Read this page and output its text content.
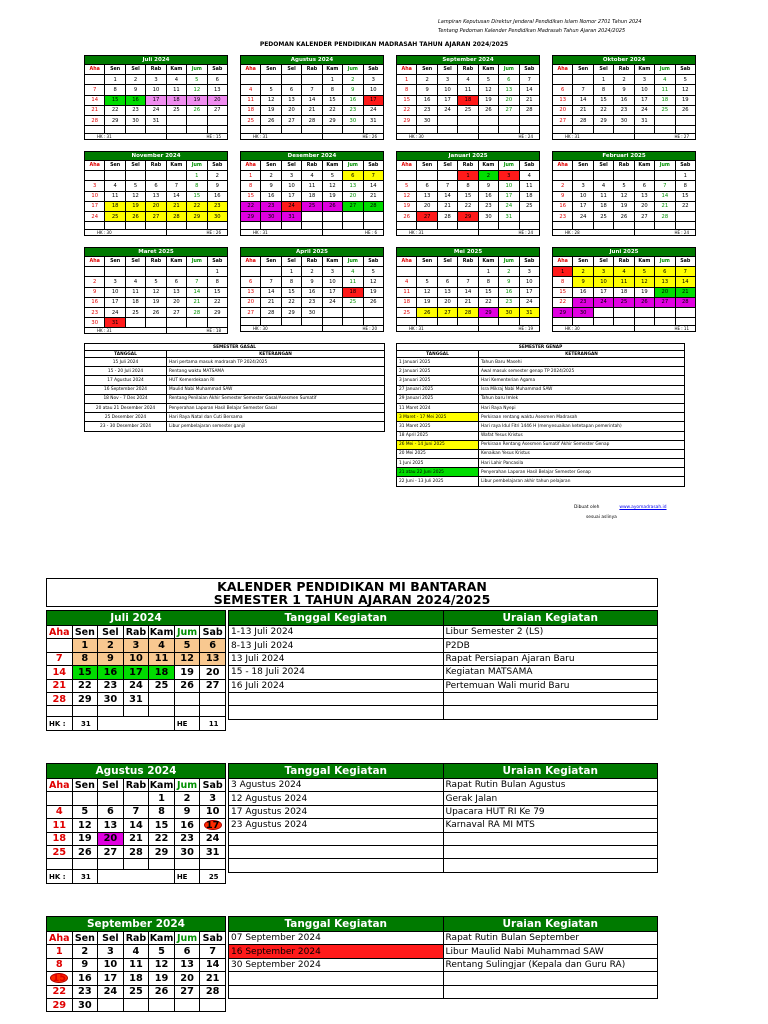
Lampiran Keputusan Direktur Jenderal Pendidikan Islam Nomor 2701 Tahun 2024
Tentang Pedoman Kalender Pendidikan Madrasah Tahun Ajaran 2024/2025
PEDOMAN KALENDER PENDIDIKAN MADRASAH TAHUN AJARAN 2024/2025
Juli 2024						
Aha	Sen	Sel	Rab	Kam	Jum	Sab
	1	2	3	4	5	6
7	8	9	10	11	12	13
14	15	16	17	18	19	20
21	22	23	24	25	26	27
28	29	30	31			

HK : 31				HE : 15		
Agustus 2024						
Aha	Sen	Sel	Rab	Kam	Jum	Sab
				1	2	3
4	5	6	7	8	9	10
11	12	13	14	15	16	17
18	19	20	21	22	23	24
25	26	27	28	29	30	31

HK : 31				HE : 26		
September 2024						
Aha	Sen	Sel	Rab	Kam	Jum	Sab
1	2	3	4	5	6	7
8	9	10	11	12	13	14
15	16	17	18	19	20	21
22	23	24	25	26	27	28
29	30					

HK : 30				HE : 24		
Oktober 2024						
Aha	Sen	Sel	Rab	Kam	Jum	Sab
		1	2	3	4	5
6	7	8	9	10	11	12
13	14	15	16	17	18	19
20	21	22	23	24	25	26
27	28	29	30	31		

HK : 31				HE : 27		
November 2024						
Aha	Sen	Sel	Rab	Kam	Jum	Sab
					1	2
3	4	5	6	7	8	9
10	11	12	13	14	15	16
17	18	19	20	21	22	23
24	25	26	27	28	29	30

HK : 30				HE : 26		
Desember 2024						
Aha	Sen	Sel	Rab	Kam	Jum	Sab
1	2	3	4	5	6	7
8	9	10	11	12	13	14
15	16	17	18	19	20	21
22	23	24	25	26	27	28
29	30	31				

HK : 31				HE : 6		
Januari 2025						
Aha	Sen	Sel	Rab	Kam	Jum	Sab
			1	2	3	4
5	6	7	8	9	10	11
12	13	14	15	16	17	18
19	20	21	22	23	24	25
26	27	28	29	30	31	

HK : 31				HE : 24		
Februari 2025						
Aha	Sen	Sel	Rab	Kam	Jum	Sab
						1
2	3	4	5	6	7	8
9	10	11	12	13	14	15
16	17	18	19	20	21	22
23	24	25	26	27	28	

HK : 28				HE : 24		
Maret 2025						
Aha	Sen	Sel	Rab	Kam	Jum	Sab
						1
2	3	4	5	6	7	8
9	10	11	12	13	14	15
16	17	18	19	20	21	22
23	24	25	26	27	28	29
30	31					
HK : 31				HE : 18		
April 2025						
Aha	Sen	Sel	Rab	Kam	Jum	Sab
		1	2	3	4	5
6	7	8	9	10	11	12
13	14	15	16	17	18	19
20	21	22	23	24	25	26
27	28	29	30			

HK : 30				HE : 20		
Mei 2025						
Aha	Sen	Sel	Rab	Kam	Jum	Sab
				1	2	3
4	5	6	7	8	9	10
11	12	13	14	15	16	17
18	19	20	21	22	23	24
25	26	27	28	29	30	31

HK : 31				HE : 19		
Juni 2025						
Aha	Sen	Sel	Rab	Kam	Jum	Sab
1	2	3	4	5	6	7
8	9	10	11	12	13	14
15	16	17	18	19	20	21
22	23	24	25	26	27	28
29	30					

HK : 30				HE : 11		
SEMESTER GASAL	
TANGGAL	KETERANGAN
15 Juli 2024	Hari pertama masuk madrasah TP 2024/2025
15 - 20 Juli 2024	Rentang waktu MATSAMA
17 Agustus 2024	HUT Kemerdekaan RI
16 September 2024	Maulid Nabi Muhammad SAW
18 Nov - 7 Des 2024	Rentang Penilaian Akhir Semester Semester Gasal/Asesmen Sumatif
20 atau 21 Desember 2024	Penyerahan Laporan Hasil Belajar Semester Gasal
25 Desember 2024	Hari Raya Natal dan Cuti Bersama
23 - 30 Desember 2024	Libur pembelajaran semester ganjil
SEMESTER GENAP	
TANGGAL	KETERANGAN
1 Januari 2025	Tahun Baru Masehi
2 Januari 2025	Awal masuk semester genap TP 2024/2025
3 Januari 2025	Hari Kementerian Agama
27 Januari 2025	Isra Mikraj Nabi Muhammad SAW
29 Januari 2025	Tahun baru Imlek
11 Maret 2024	Hari Raya Nyepi
3 Maret - 17 Mei 2025	Perkiraan rentang waktu Asesmen Madrasah
31 Maret 2025	Hari raya Idul Fitri 1446 H (menyesuaikan ketetapan pemerintah)
18 April 2025	Wafat Yesus Kristus
26 Mei - 14 Juni 2025	Perkiraan Rentang Asesmen Sumatif Akhir Semester Genap
20 Mei 2025	Kenaikan Yesus Kristus
1 Juni 2025	Hari Lahir Pancasila
21 atau 22 Juni 2025	Penyerahan Laporan Hasil Belajar Semester Genap
22 Juni - 13 Juli 2025	Libur pembelajaran akhir tahun pelajaran
Dibuat oleh	www.ayomadrasah.id
sesuai aslinya
KALENDER PENDIDIKAN MI BANTARAN
SEMESTER 1 TAHUN AJARAN 2024/2025
Juli 2024						
Aha	Sen	Sel	Rab	Kam	Jum	Sab
	1	2	3	4	5	6
7	8	9	10	11	12	13
14	15	16	17	18	19	20
21	22	23	24	25	26	27
28	29	30	31			

HK :	31				HE	11
Tanggal Kegiatan	Uraian Kegiatan
1-13 Juli 2024	Libur Semester 2 (LS)
8-13 Juli 2024	P2DB
13 Juli 2024	Rapat Persiapan Ajaran Baru
15 - 18 Juli 2024	Kegiatan MATSAMA
16 Juli 2024	Pertemuan Wali murid Baru

Agustus 2024						
Aha	Sen	Sel	Rab	Kam	Jum	Sab
				1	2	3
4	5	6	7	8	9	10
11	12	13	14	15	16	17
18	19	20	21	22	23	24
25	26	27	28	29	30	31

HK :	31				HE	25
Tanggal Kegiatan	Uraian Kegiatan
3 Agustus 2024	Rapat Rutin Bulan Agustus
12 Agustus 2024	Gerak Jalan
17 Agustus 2024	Upacara HUT RI Ke 79
23 Agustus 2024	Karnaval RA MI MTS

September 2024						
Aha	Sen	Sel	Rab	Kam	Jum	Sab
1	2	3	4	5	6	7
8	9	10	11	12	13	14
15	16	17	18	19	20	21
22	23	24	25	26	27	28
29	30					
Tanggal Kegiatan	Uraian Kegiatan
07 September 2024	Rapat Rutin Bulan September
16 September 2024	Libur Maulid Nabi Muhammad SAW
30 September 2024	Rentang Sulingjar (Kepala dan Guru RA)
